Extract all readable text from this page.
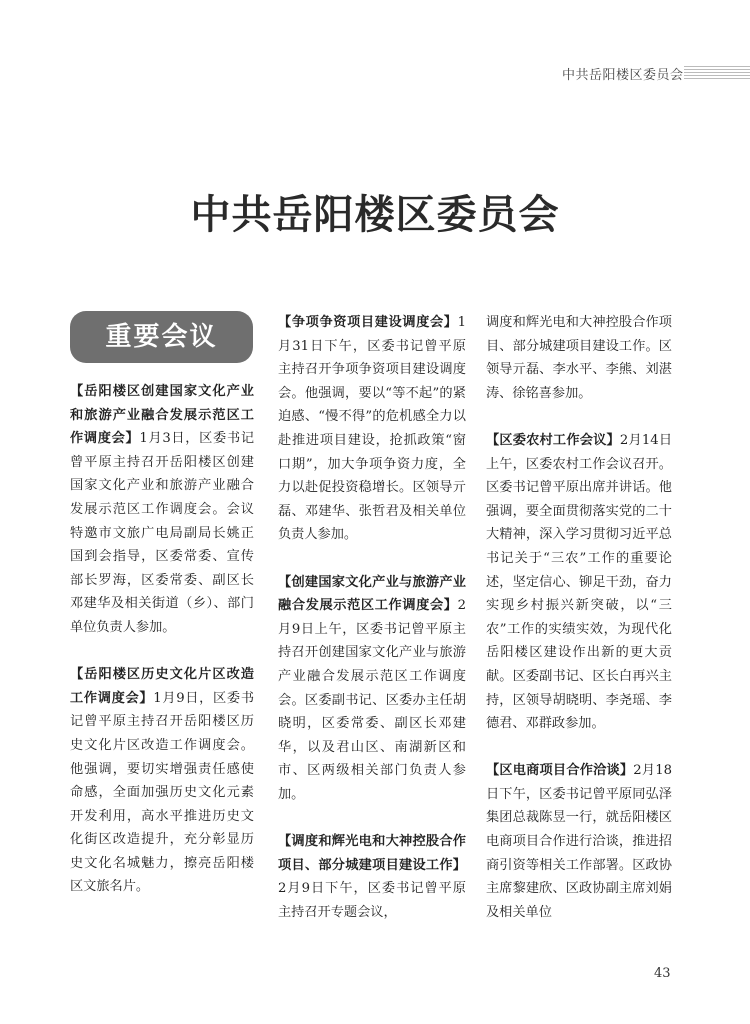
中共岳阳楼区委员会
中共岳阳楼区委员会
重要会议

【岳阳楼区创建国家文化产业和旅游产业融合发展示范区工作调度会】1月3日，区委书记曾平原主持召开岳阳楼区创建国家文化产业和旅游产业融合发展示范区工作调度会。会议特邀市文旅广电局副局长姚正国到会指导，区委常委、宣传部长罗海，区委常委、副区长邓建华及相关街道（乡）、部门单位负责人参加。

【岳阳楼区历史文化片区改造工作调度会】1月9日，区委书记曾平原主持召开岳阳楼区历史文化片区改造工作调度会。他强调，要切实增强责任感使命感，全面加强历史文化元素开发利用，高水平推进历史文化街区改造提升，充分彰显历史文化名城魅力，擦亮岳阳楼区文旅名片。

【争项争资项目建设调度会】1月31日下午，区委书记曾平原主持召开争项争资项目建设调度会。他强调，要以“等不起”的紧迫感、“慢不得”的危机感全力以赴推进项目建设，抢抓政策“窗口期”，加大争项争资力度，全力以赴促投资稳增长。区领导亓磊、邓建华、张哲君及相关单位负责人参加。

【创建国家文化产业与旅游产业融合发展示范区工作调度会】2月9日上午，区委书记曾平原主持召开创建国家文化产业与旅游产业融合发展示范区工作调度会。区委副书记、区委办主任胡晓明，区委常委、副区长邓建华，以及君山区、南湖新区和市、区两级相关部门负责人参加。

【调度和辉光电和大神控股合作项目、部分城建项目建设工作】2月9日下午，区委书记曾平原主持召开专题会议，

调度和辉光电和大神控股合作项目、部分城建项目建设工作。区领导亓磊、李水平、李熊、刘湛涛、徐铭喜参加。

【区委农村工作会议】2月14日上午，区委农村工作会议召开。区委书记曾平原出席并讲话。他强调，要全面贯彻落实党的二十大精神，深入学习贯彻习近平总书记关于“三农”工作的重要论述，坚定信心、铆足干劲，奋力实现乡村振兴新突破，以“三农”工作的实绩实效，为现代化岳阳楼区建设作出新的更大贡献。区委副书记、区长白再兴主持，区领导胡晓明、李尧瑶、李德君、邓群政参加。

【区电商项目合作洽谈】2月18日下午，区委书记曾平原同弘泽集团总裁陈昱一行，就岳阳楼区电商项目合作进行洽谈，推进招商引资等相关工作部署。区政协主席黎建欣、区政协副主席刘娟及相关单位

43
